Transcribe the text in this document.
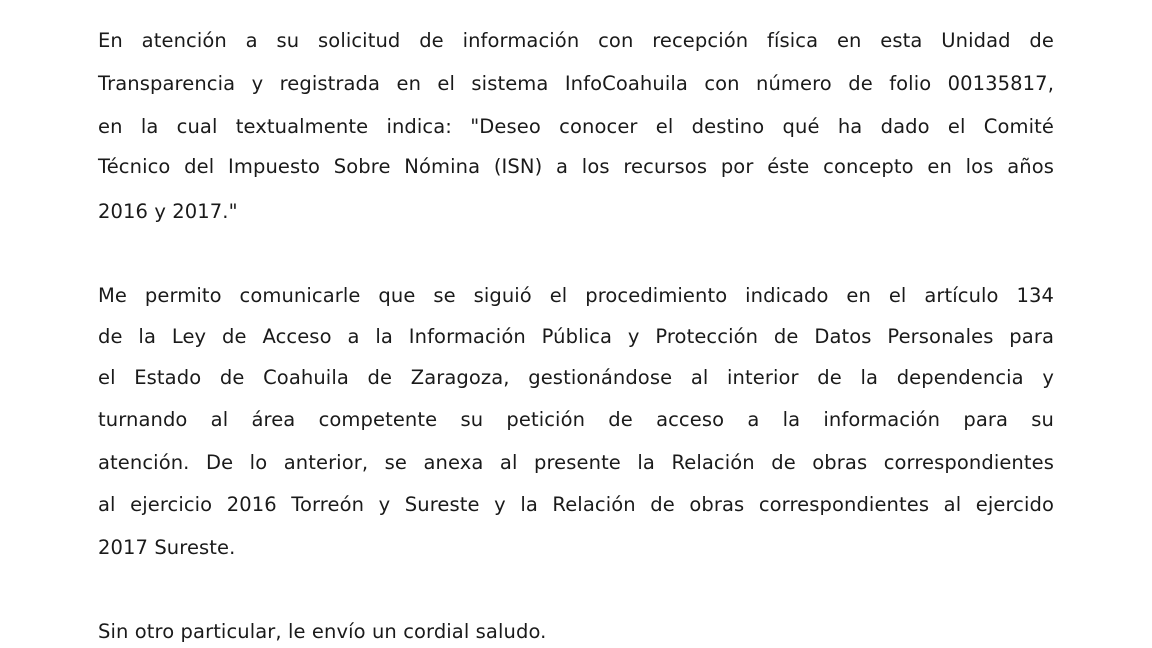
En atención a su solicitud de información con recepción física en esta Unidad de
Transparencia y registrada en el sistema InfoCoahuila con número de folio 00135817,
en la cual textualmente indica: "Deseo conocer el destino qué ha dado el Comité
Técnico del Impuesto Sobre Nómina (ISN) a los recursos por éste concepto en los años
2016 y 2017."
Me permito comunicarle que se siguió el procedimiento indicado en el artículo 134
de la Ley de Acceso a la Información Pública y Protección de Datos Personales para
el Estado de Coahuila de Zaragoza, gestionándose al interior de la dependencia y
turnando al área competente su petición de acceso a la información para su
atención. De lo anterior, se anexa al presente la Relación de obras correspondientes
al ejercicio 2016 Torreón y Sureste y la Relación de obras correspondientes al ejercido
2017 Sureste.
Sin otro particular, le envío un cordial saludo.
